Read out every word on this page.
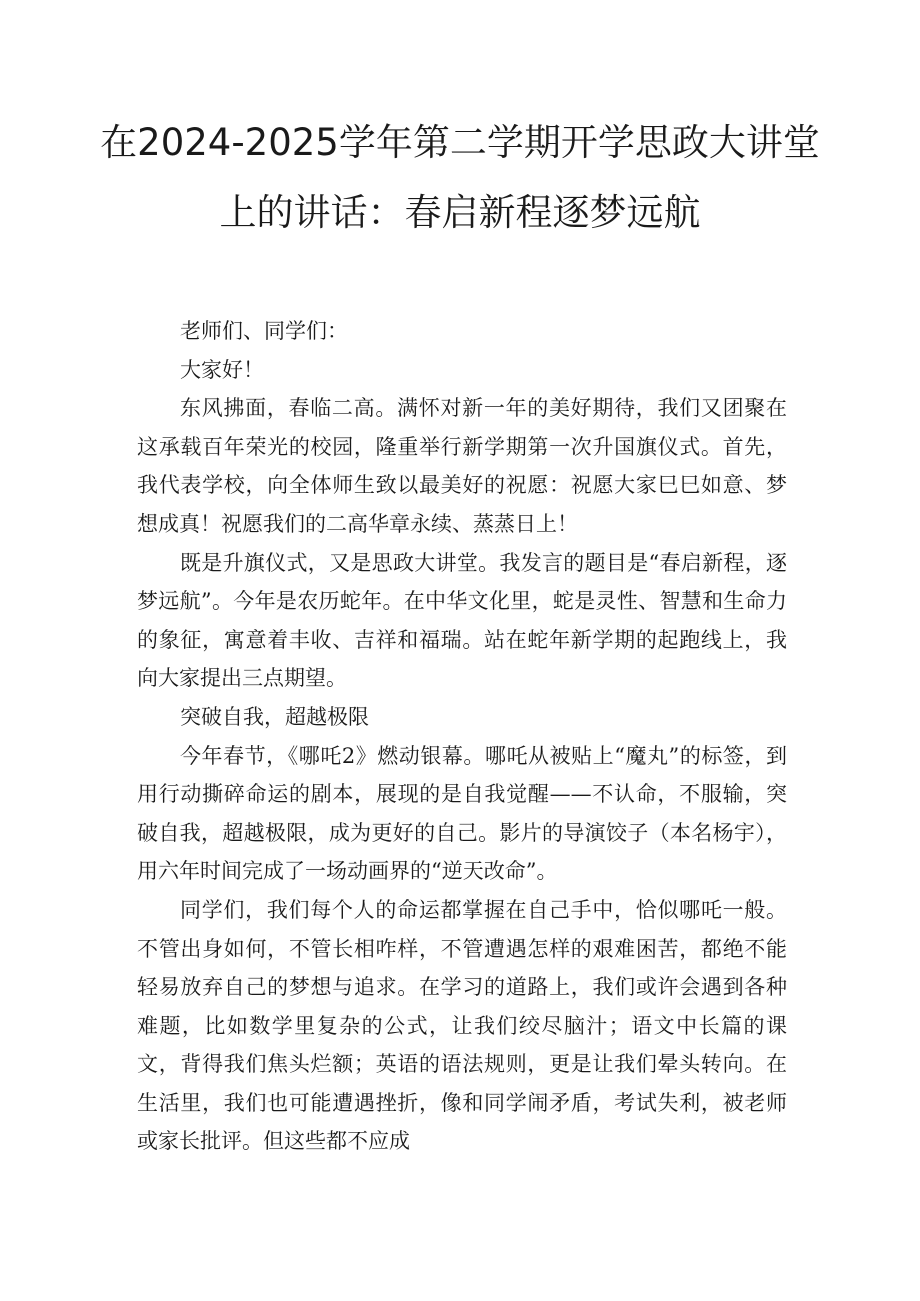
在2024-2025学年第二学期开学思政大讲堂
上的讲话：春启新程逐梦远航

老师们、同学们：

大家好！

东风拂面，春临二高。满怀对新一年的美好期待，我们又团聚在这承载百年荣光的校园，隆重举行新学期第一次升国旗仪式。首先，我代表学校，向全体师生致以最美好的祝愿：祝愿大家巳巳如意、梦想成真！祝愿我们的二高华章永续、蒸蒸日上！

既是升旗仪式，又是思政大讲堂。我发言的题目是“春启新程，逐梦远航”。今年是农历蛇年。在中华文化里，蛇是灵性、智慧和生命力的象征，寓意着丰收、吉祥和福瑞。站在蛇年新学期的起跑线上，我向大家提出三点期望。

突破自我，超越极限

今年春节，《哪吒2》燃动银幕。哪吒从被贴上“魔丸”的标签，到用行动撕碎命运的剧本，展现的是自我觉醒——不认命，不服输，突破自我，超越极限，成为更好的自己。影片的导演饺子（本名杨宇），用六年时间完成了一场动画界的“逆天改命”。

同学们，我们每个人的命运都掌握在自己手中，恰似哪吒一般。不管出身如何，不管长相咋样，不管遭遇怎样的艰难困苦，都绝不能轻易放弃自己的梦想与追求。在学习的道路上，我们或许会遇到各种难题，比如数学里复杂的公式，让我们绞尽脑汁；语文中长篇的课文，背得我们焦头烂额；英语的语法规则，更是让我们晕头转向。在生活里，我们也可能遭遇挫折，像和同学闹矛盾，考试失利，被老师或家长批评。但这些都不应成
